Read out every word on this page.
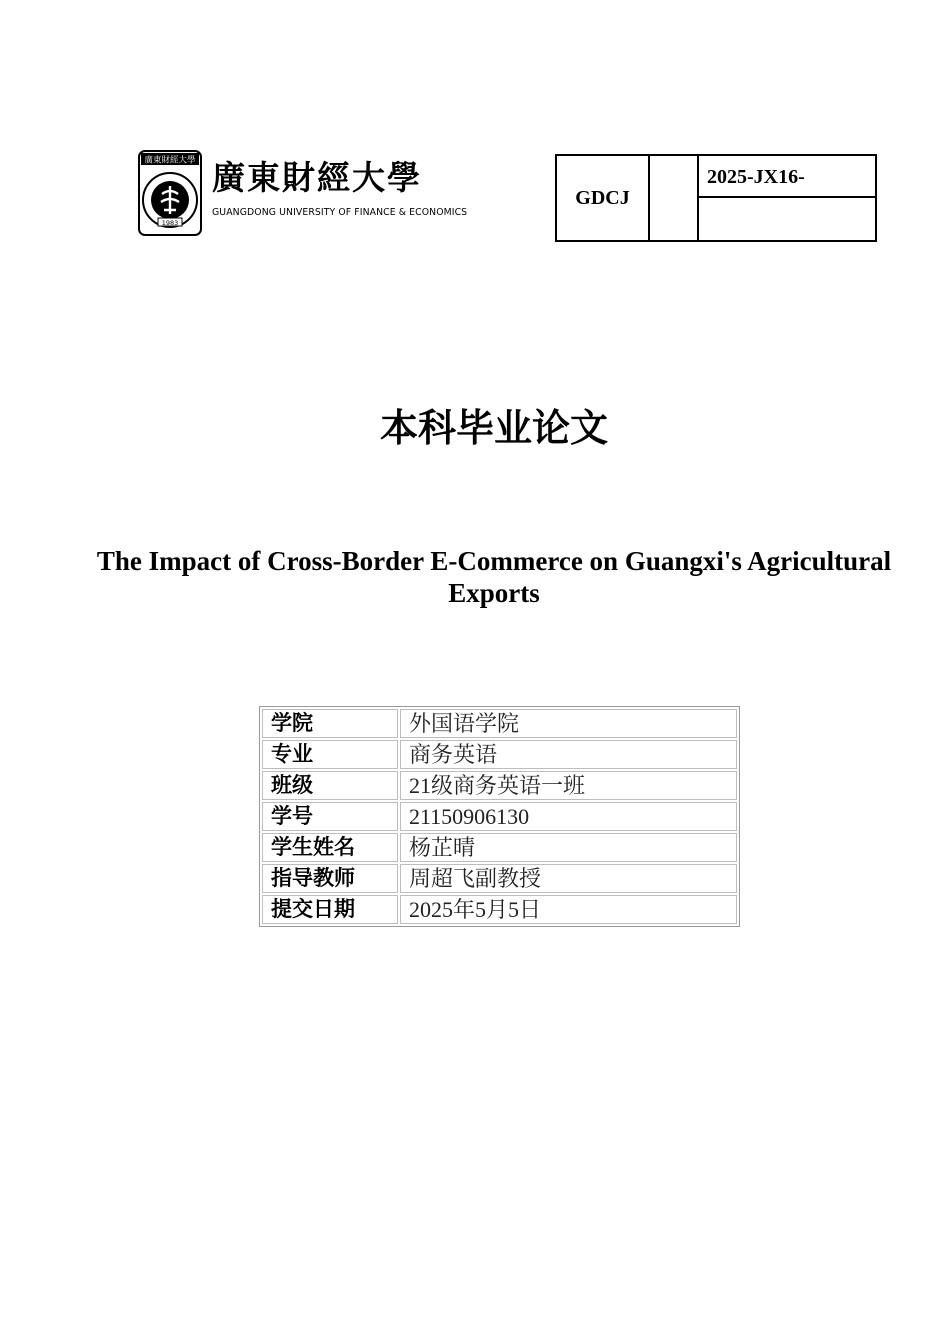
廣東財經大學
1983
廣東財經大學
GUANGDONG UNIVERSITY OF FINANCE & ECONOMICS
GDCJ		2025-JX16-

本科毕业论文
The Impact of Cross-Border E-Commerce on Guangxi's Agricultural Exports
学院	外国语学院
专业	商务英语
班级	21级商务英语一班
学号	21150906130
学生姓名	杨芷晴
指导教师	周超飞副教授
提交日期	2025年5月5日
